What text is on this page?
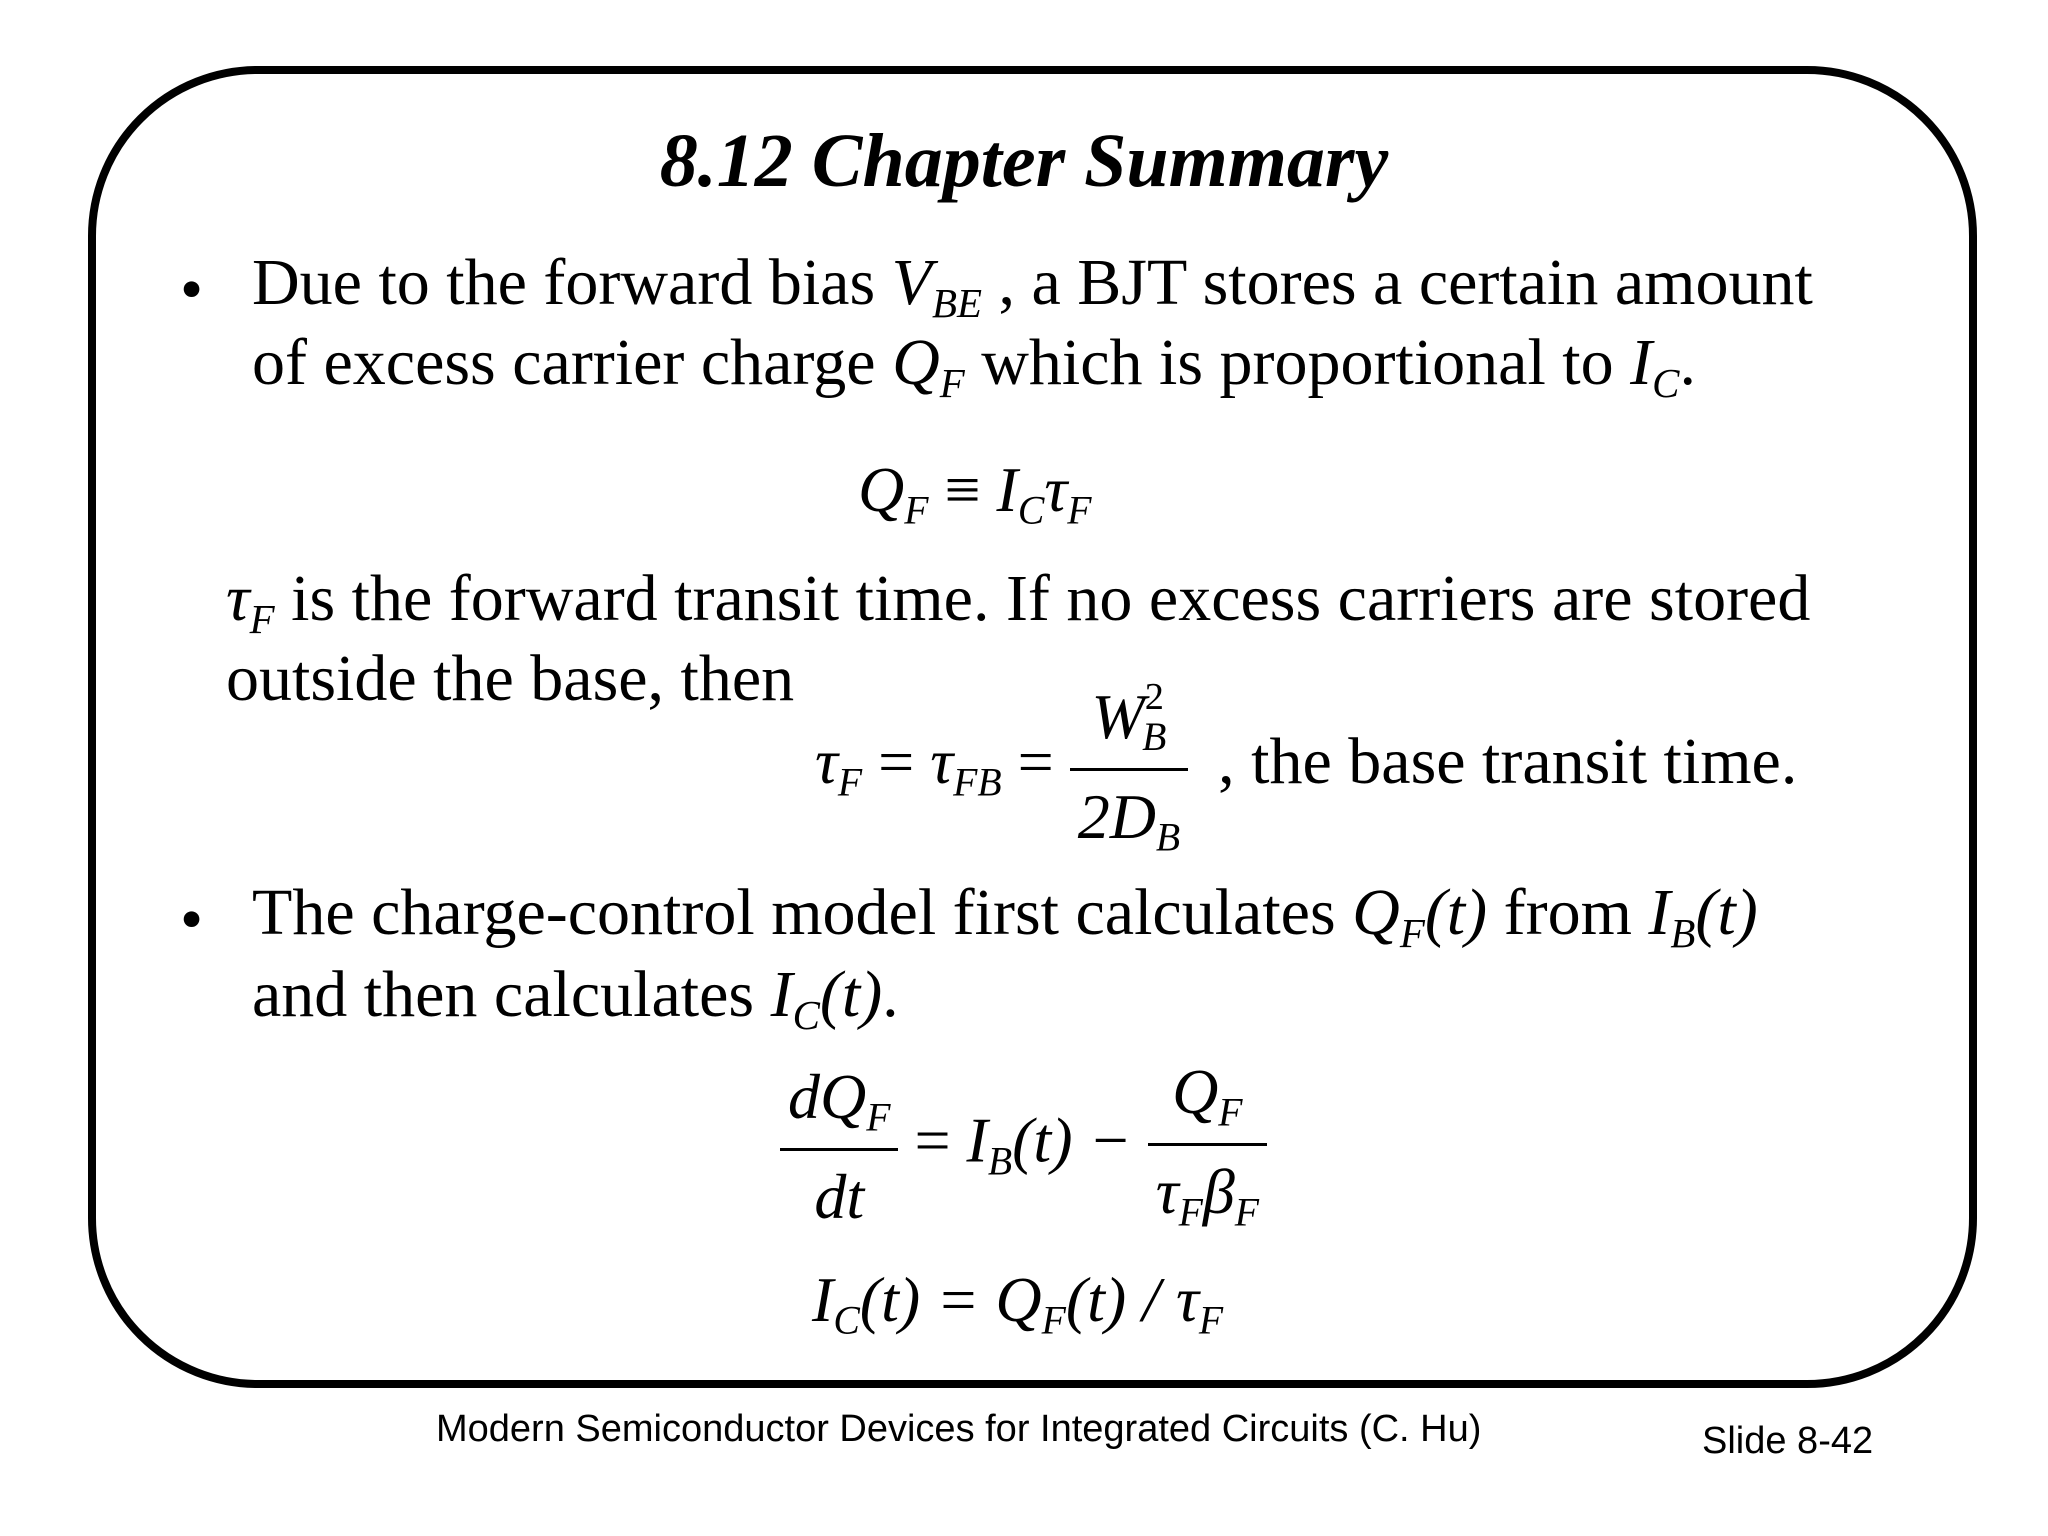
8.12 Chapter Summary
• Due to the forward bias $V_{BE}$ , a BJT stores a certain amount
of excess carrier charge $Q_F$ which is proportional to $I_C$.
$Q_F \equiv I_C\tau_F$
$\tau_F$ is the forward transit time. If no excess carriers are stored
outside the base, then
$\tau_F = \tau_{FB} = \frac{W^2_B}{2D_B}$ , the base transit time.
• The charge-control model first calculates $Q_F(t)$ from $I_B(t)$
and then calculates $I_C(t)$.
$\frac{dQ_F}{dt} = I_B(t) - \frac{Q_F}{\tau_F\beta_F}$
$I_C(t) = Q_F(t) / \tau_F$
Modern Semiconductor Devices for Integrated Circuits (C. Hu)	Slide 8-42
